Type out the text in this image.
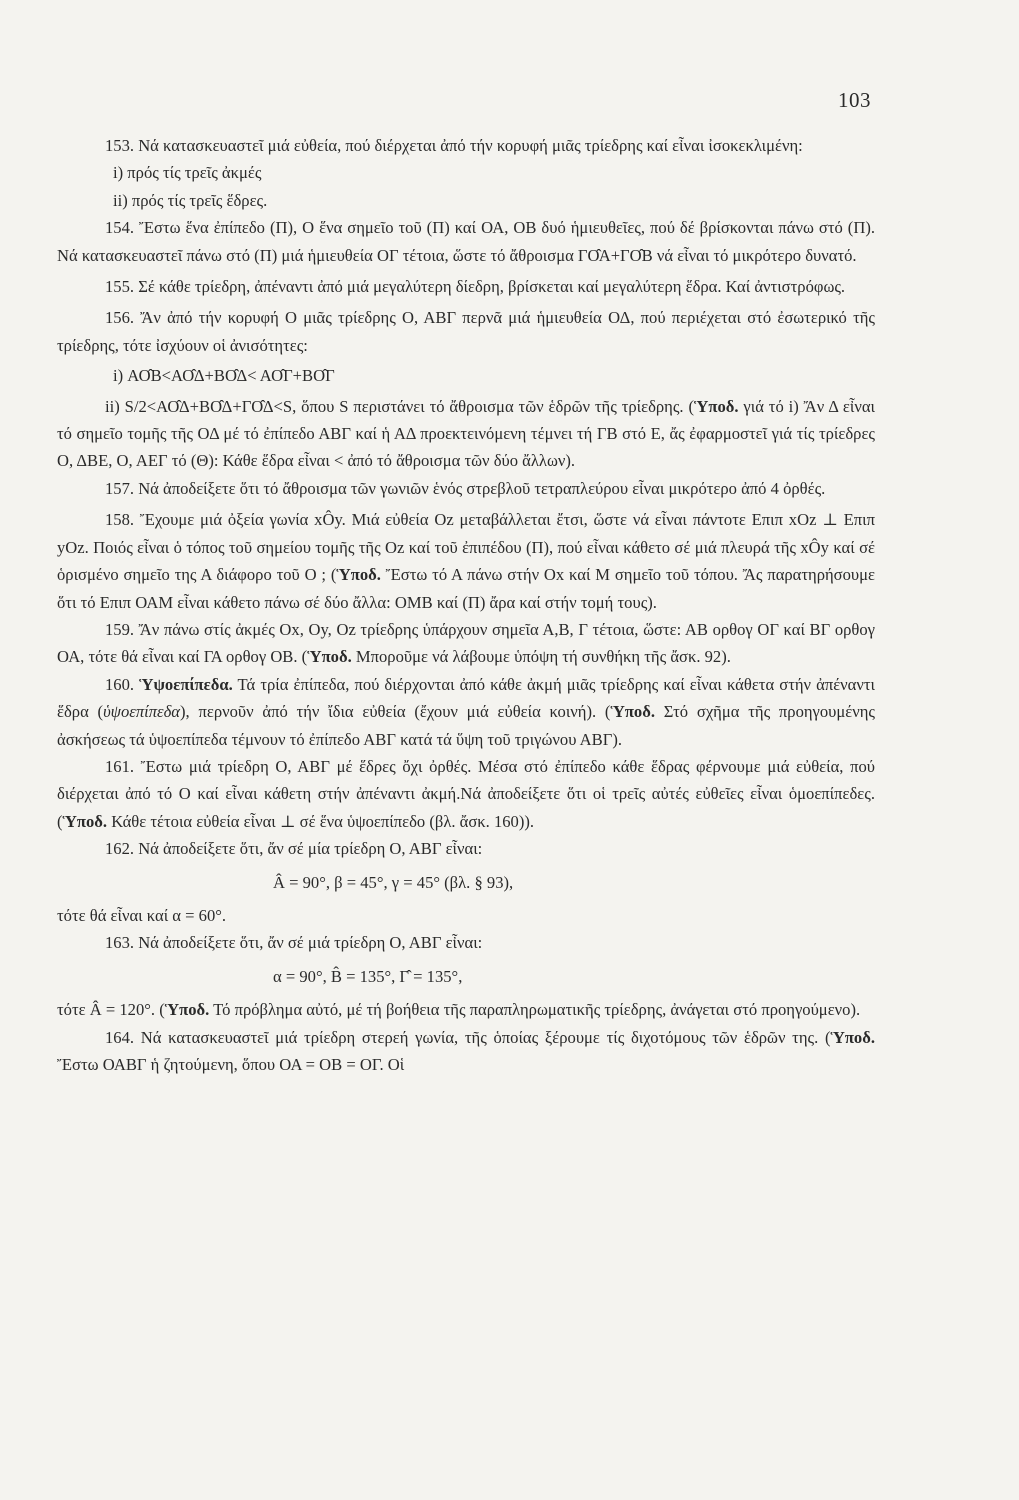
103

153. Νά κατασκευαστεῖ μιά εὐθεία, πού διέρχεται ἀπό τήν κορυφή μιᾶς τρίεδρης καί εἶναι ἰσοκεκλιμένη:

i) πρός τίς τρεῖς ἀκμές

ii) πρός τίς τρεῖς ἕδρες.

154. Ἔστω ἕνα ἐπίπεδο (Π), Ο ἕνα σημεῖο τοῦ (Π) καί ΟΑ, ΟΒ δυό ἡμιευθεῖες, πού δέ βρίσκονται πάνω στό (Π). Νά κατασκευαστεῖ πάνω στό (Π) μιά ἡμιευθεία ΟΓ τέτοια, ὥστε τό ἄθροισμα ΓΟ̂Α+ΓΟ̂Β νά εἶναι τό μικρότερο δυνατό.

155. Σέ κάθε τρίεδρη, ἀπέναντι ἀπό μιά μεγαλύτερη δίεδρη, βρίσκεται καί μεγαλύτερη ἕδρα. Καί ἀντιστρόφως.

156. Ἄν ἀπό τήν κορυφή Ο μιᾶς τρίεδρης Ο, ΑΒΓ περνᾶ μιά ἡμιευθεία ΟΔ, πού περιέχεται στό ἐσωτερικό τῆς τρίεδρης, τότε ἰσχύουν οἱ ἀνισότητες:

i) ΑΟ̂Β<ΑΟ̂Δ+ΒΟ̂Δ< ΑΟ̂Γ+ΒΟ̂Γ

ii) S/2<ΑΟ̂Δ+ΒΟ̂Δ+ΓΟ̂Δ<S, ὅπου S περιστάνει τό ἄθροισμα τῶν ἑδρῶν τῆς τρίεδρης. (Ὑποδ. γιά τό i) Ἄν Δ εἶναι τό σημεῖο τομῆς τῆς ΟΔ μέ τό ἐπίπεδο ΑΒΓ καί ἡ ΑΔ προεκτεινόμενη τέμνει τή ΓΒ στό Ε, ἄς ἐφαρμοστεῖ γιά τίς τρίεδρες Ο, ΔΒΕ, Ο, ΑΕΓ τό (Θ): Κάθε ἕδρα εἶναι < ἀπό τό ἄθροισμα τῶν δύο ἄλλων).

157. Νά ἀποδείξετε ὅτι τό ἄθροισμα τῶν γωνιῶν ἑνός στρεβλοῦ τετραπλεύρου εἶναι μικρότερο ἀπό 4 ὀρθές.

158. Ἔχουμε μιά ὀξεία γωνία xÔy. Μιά εὐθεία Οz μεταβάλλεται ἔτσι, ὥστε νά εἶναι πάντοτε Επιπ xΟz ⊥ Επιπ yΟz. Ποιός εἶναι ὁ τόπος τοῦ σημείου τομῆς τῆς Οz καί τοῦ ἐπιπέδου (Π), πού εἶναι κάθετο σέ μιά πλευρά τῆς xÔy καί σέ ὁρισμένο σημεῖο της Α διάφορο τοῦ Ο ; (Ὑποδ. Ἔστω τό Α πάνω στήν Οx καί Μ σημεῖο τοῦ τόπου. Ἄς παρατηρήσουμε ὅτι τό Επιπ ΟΑΜ εἶναι κάθετο πάνω σέ δύο ἄλλα: ΟΜΒ καί (Π) ἄρα καί στήν τομή τους).

159. Ἄν πάνω στίς ἀκμές Οx, Οy, Οz τρίεδρης ὑπάρχουν σημεῖα Α,Β, Γ τέτοια, ὥστε: ΑΒ ορθογ ΟΓ καί ΒΓ ορθογ ΟΑ, τότε θά εἶναι καί ΓΑ ορθογ ΟΒ. (Ὑποδ. Μποροῦμε νά λάβουμε ὑπόψη τή συνθήκη τῆς ἄσκ. 92).

160. Ὑψοεπίπεδα. Τά τρία ἐπίπεδα, πού διέρχονται ἀπό κάθε ἀκμή μιᾶς τρίεδρης καί εἶναι κάθετα στήν ἀπέναντι ἕδρα (ὑψοεπίπεδα), περνοῦν ἀπό τήν ἴδια εὐθεία (ἔχουν μιά εὐθεία κοινή). (Ὑποδ. Στό σχῆμα τῆς προηγουμένης ἀσκήσεως τά ὑψοεπίπεδα τέμνουν τό ἐπίπεδο ΑΒΓ κατά τά ὕψη τοῦ τριγώνου ΑΒΓ).

161. Ἔστω μιά τρίεδρη Ο, ΑΒΓ μέ ἕδρες ὄχι ὀρθές. Μέσα στό ἐπίπεδο κάθε ἕδρας φέρνουμε μιά εὐθεία, πού διέρχεται ἀπό τό Ο καί εἶναι κάθετη στήν ἀπέναντι ἀκμή.Νά ἀποδείξετε ὅτι οἱ τρεῖς αὐτές εὐθεῖες εἶναι ὁμοεπίπεδες. (Ὑποδ. Κάθε τέτοια εὐθεία εἶναι ⊥ σέ ἕνα ὑψοεπίπεδο (βλ. ἄσκ. 160)).

162. Νά ἀποδείξετε ὅτι, ἄν σέ μία τρίεδρη Ο, ΑΒΓ εἶναι:

Â = 90°, β = 45°, γ = 45° (βλ. § 93),

τότε θά εἶναι καί α = 60°.

163. Νά ἀποδείξετε ὅτι, ἄν σέ μιά τρίεδρη Ο, ΑΒΓ εἶναι:

α = 90°, B̂ = 135°, Γ̂ = 135°,

τότε Â = 120°. (Ὑποδ. Τό πρόβλημα αὐτό, μέ τή βοήθεια τῆς παραπληρωματικῆς τρίεδρης, ἀνάγεται στό προηγούμενο).

164. Νά κατασκευαστεῖ μιά τρίεδρη στερεή γωνία, τῆς ὁποίας ξέρουμε τίς διχοτόμους τῶν ἑδρῶν της. (Ὑποδ. Ἔστω ΟΑΒΓ ἡ ζητούμενη, ὅπου ΟΑ = ΟΒ = ΟΓ. Οἱ
